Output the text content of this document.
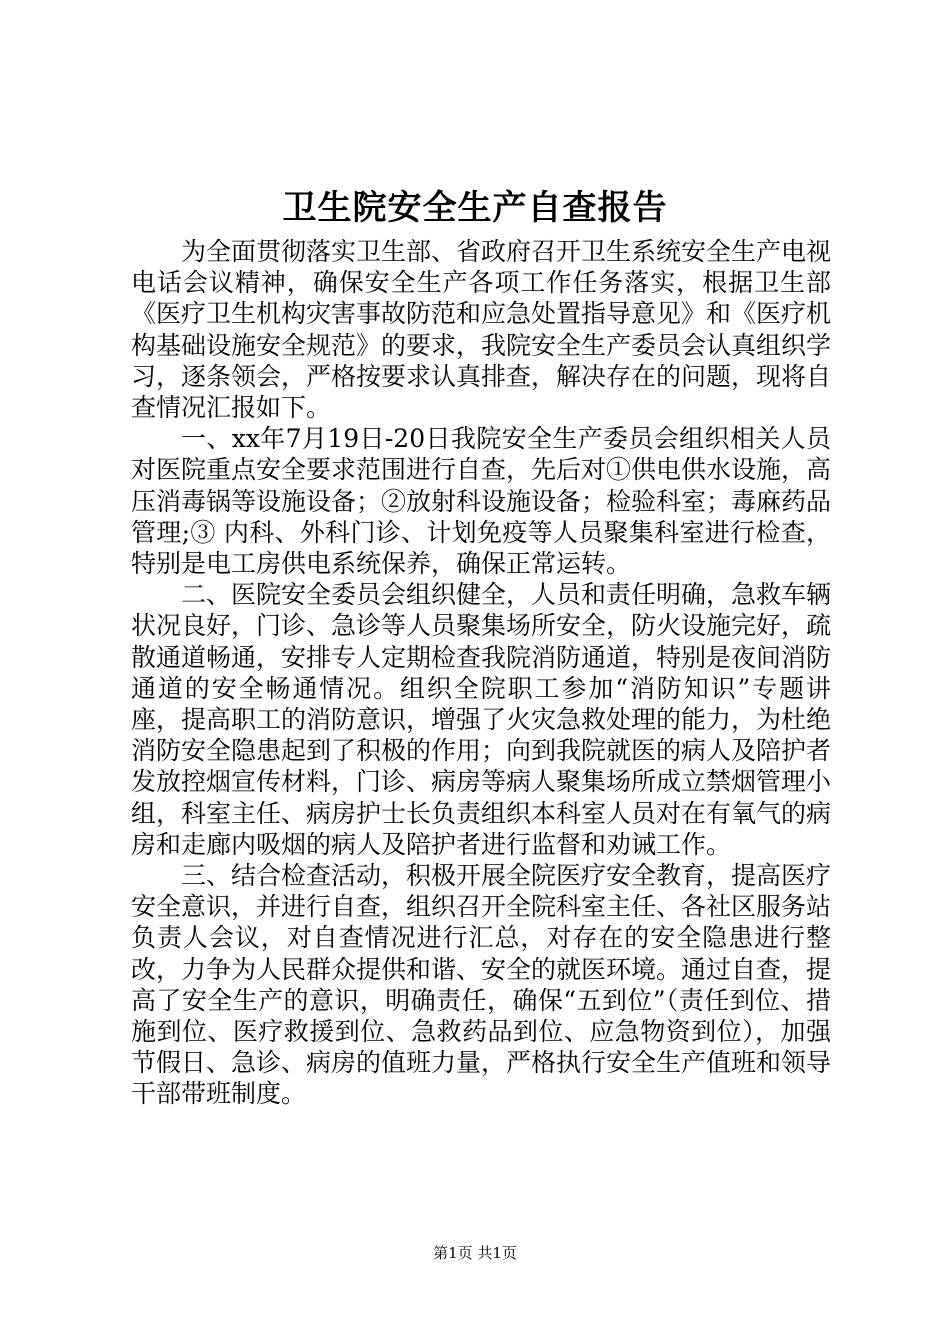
卫生院安全生产自查报告

为全面贯彻落实卫生部、省政府召开卫生系统安全生产电视电话会议精神，确保安全生产各项工作任务落实，根据卫生部《医疗卫生机构灾害事故防范和应急处置指导意见》和《医疗机构基础设施安全规范》的要求，我院安全生产委员会认真组织学习，逐条领会，严格按要求认真排查，解决存在的问题，现将自查情况汇报如下。

一、xx年7月19日-20日我院安全生产委员会组织相关人员对医院重点安全要求范围进行自查，先后对①供电供水设施，高压消毒锅等设施设备；②放射科设施设备；检验科室；毒麻药品管理;③ 内科、外科门诊、计划免疫等人员聚集科室进行检查，特别是电工房供电系统保养，确保正常运转。

二、医院安全委员会组织健全，人员和责任明确，急救车辆状况良好，门诊、急诊等人员聚集场所安全，防火设施完好，疏散通道畅通，安排专人定期检查我院消防通道，特别是夜间消防通道的安全畅通情况。组织全院职工参加“消防知识”专题讲座，提高职工的消防意识，增强了火灾急救处理的能力，为杜绝消防安全隐患起到了积极的作用；向到我院就医的病人及陪护者发放控烟宣传材料，门诊、病房等病人聚集场所成立禁烟管理小组，科室主任、病房护士长负责组织本科室人员对在有氧气的病房和走廊内吸烟的病人及陪护者进行监督和劝诫工作。

三、结合检查活动，积极开展全院医疗安全教育，提高医疗安全意识，并进行自查，组织召开全院科室主任、各社区服务站负责人会议，对自查情况进行汇总，对存在的安全隐患进行整改，力争为人民群众提供和谐、安全的就医环境。通过自查，提高了安全生产的意识，明确责任，确保“五到位”（责任到位、措施到位、医疗救援到位、急救药品到位、应急物资到位），加强节假日、急诊、病房的值班力量，严格执行安全生产值班和领导干部带班制度。

第1页 共1页
